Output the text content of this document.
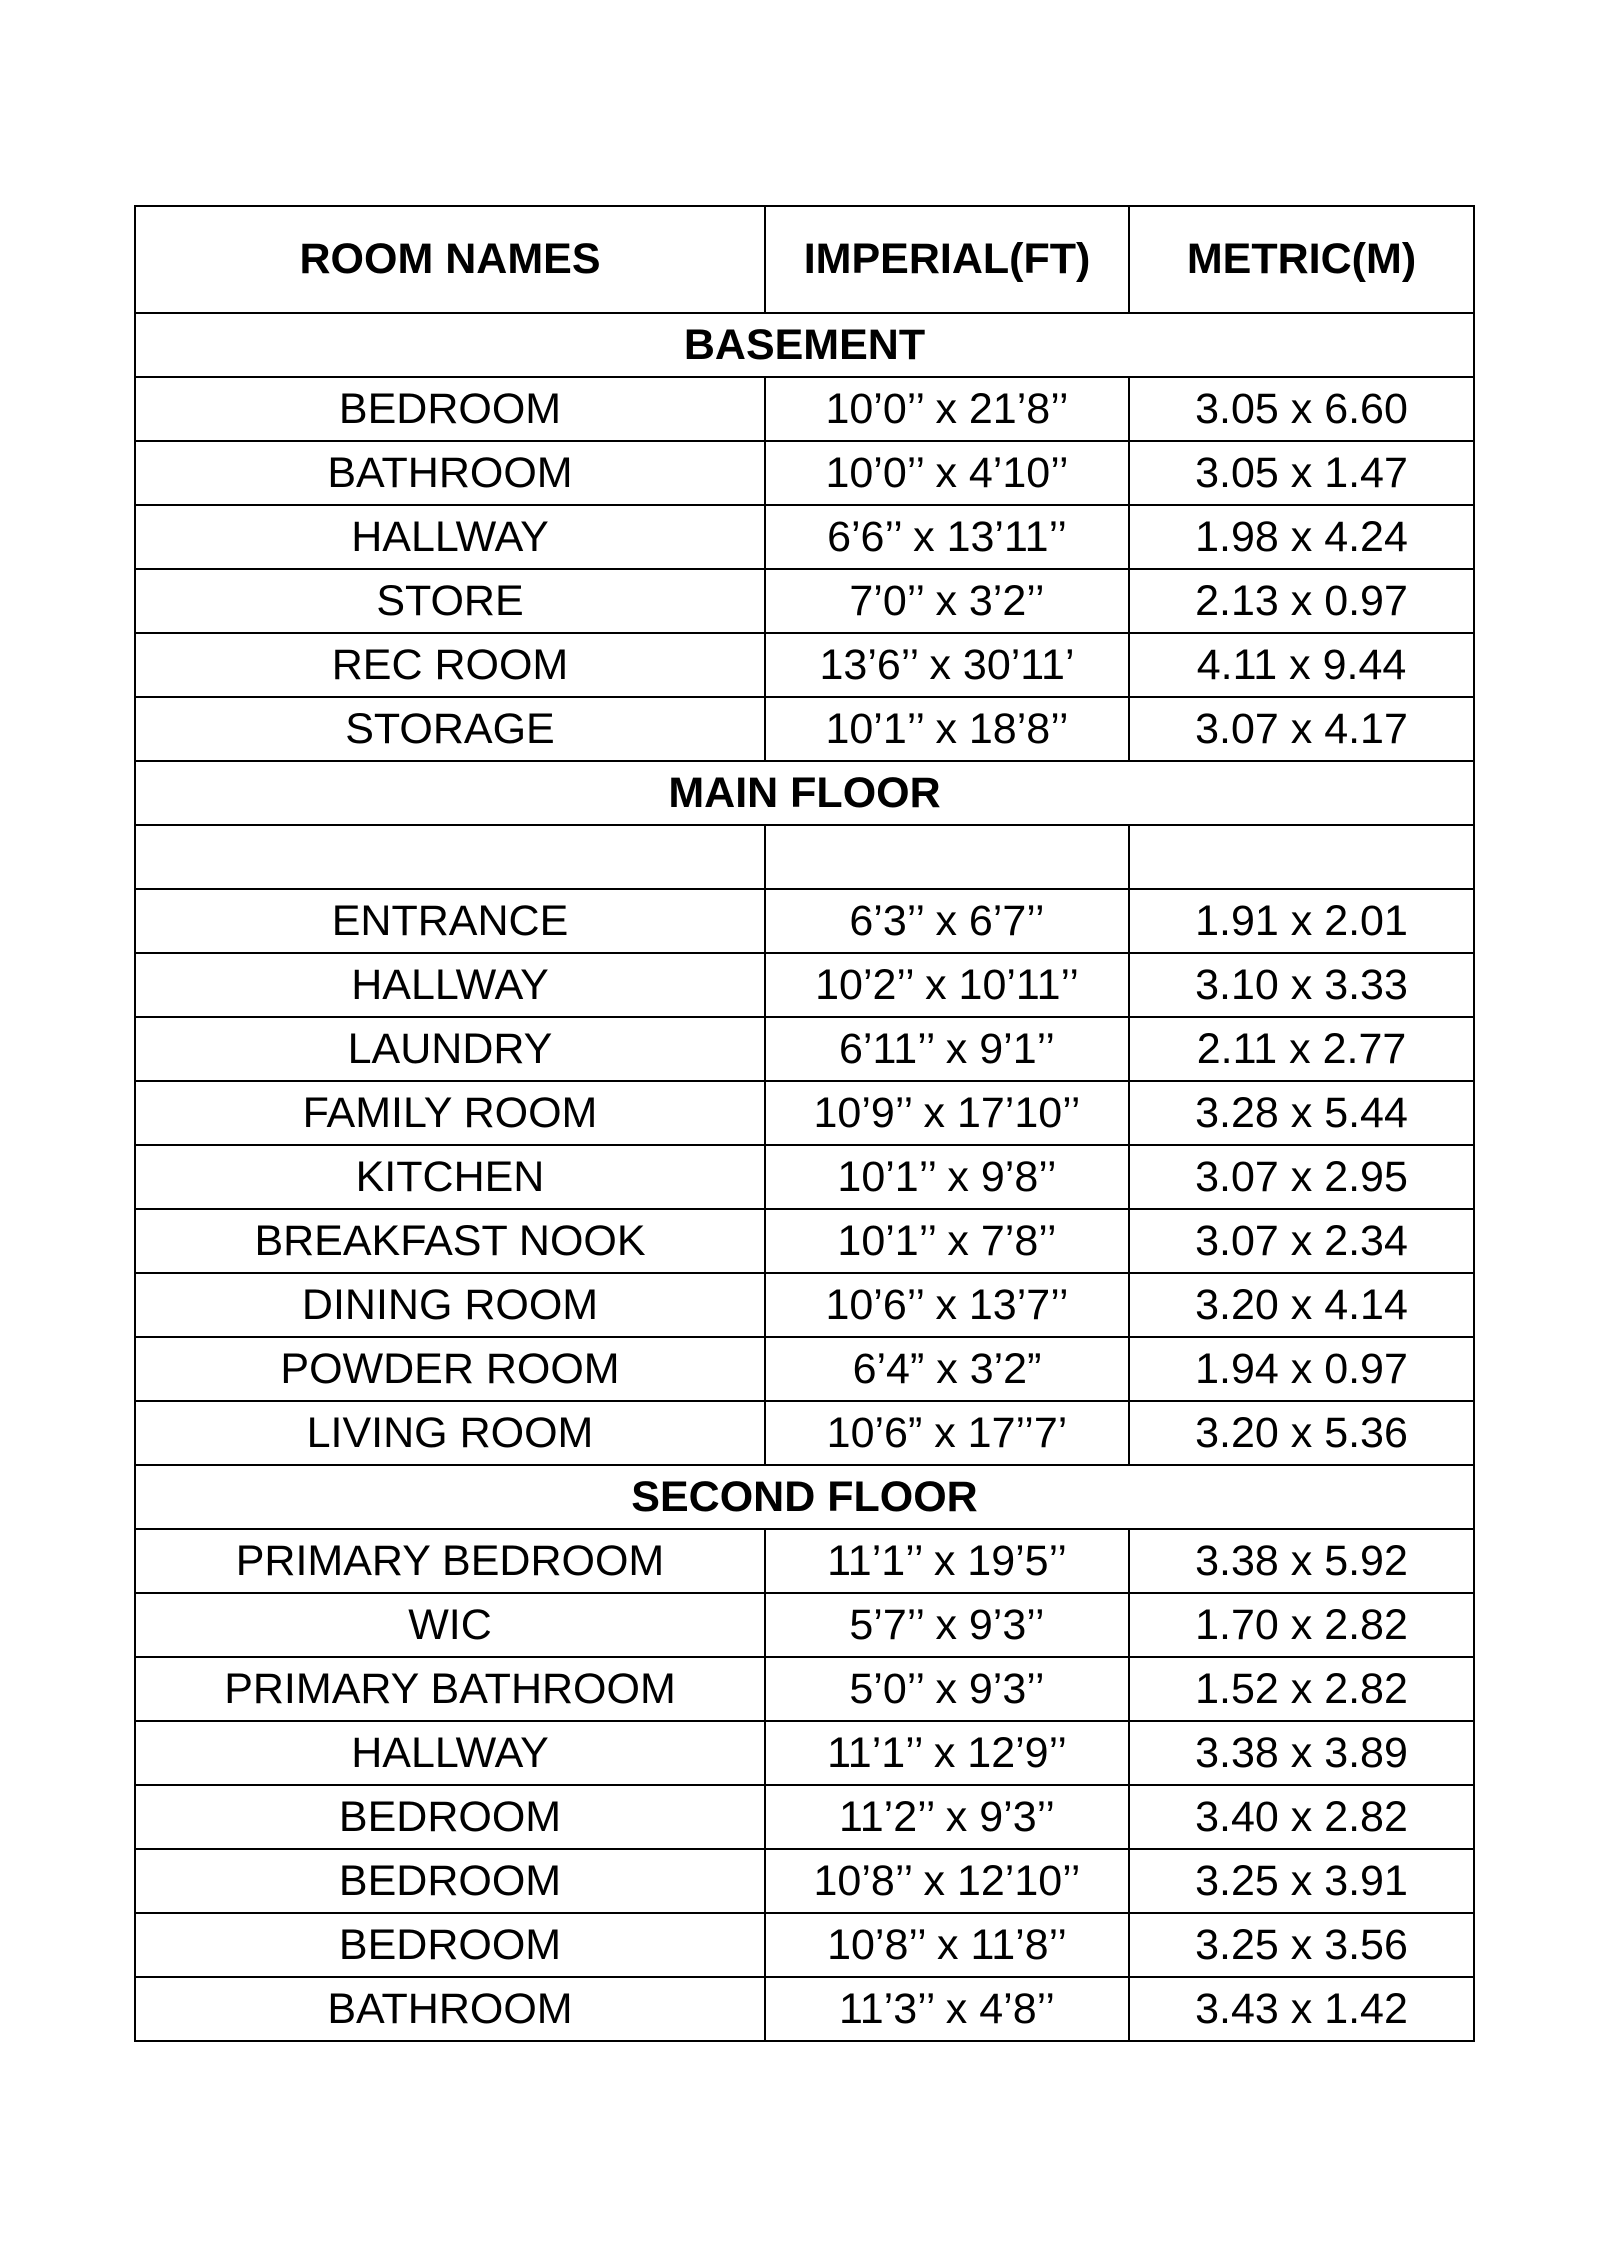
ROOM NAMES	IMPERIAL(FT)	METRIC(M)
BASEMENT		
BEDROOM	10’0’’ x 21’8’’	3.05 x 6.60
BATHROOM	10’0’’ x 4’10’’	3.05 x 1.47
HALLWAY	6’6’’ x 13’11’’	1.98 x 4.24
STORE	7’0’’ x 3’2’’	2.13 x 0.97
REC ROOM	13’6’’ x 30’11’	4.11 x 9.44
STORAGE	10’1’’ x 18’8’’	3.07 x 4.17
MAIN FLOOR		

ENTRANCE	6’3’’ x 6’7’’	1.91 x 2.01
HALLWAY	10’2’’ x 10’11’’	3.10 x 3.33
LAUNDRY	6’11’’ x 9’1’’	2.11 x 2.77
FAMILY ROOM	10’9’’ x 17’10’’	3.28 x 5.44
KITCHEN	10’1’’ x 9’8’’	3.07 x 2.95
BREAKFAST NOOK	10’1’’ x 7’8’’	3.07 x 2.34
DINING ROOM	10’6’’ x 13’7’’	3.20 x 4.14
POWDER ROOM	6’4” x 3’2”	1.94 x 0.97
LIVING ROOM	10’6” x 17’’7’	3.20 x 5.36
SECOND FLOOR		
PRIMARY BEDROOM	11’1’’ x 19’5’’	3.38 x 5.92
WIC	5’7’’ x 9’3’’	1.70 x 2.82
PRIMARY BATHROOM	5’0’’ x 9’3’’	1.52 x 2.82
HALLWAY	11’1’’ x 12’9’’	3.38 x 3.89
BEDROOM	11’2’’ x 9’3’’	3.40 x 2.82
BEDROOM	10’8’’ x 12’10’’	3.25 x 3.91
BEDROOM	10’8’’ x 11’8’’	3.25 x 3.56
BATHROOM	11’3’’ x 4’8’’	3.43 x 1.42
